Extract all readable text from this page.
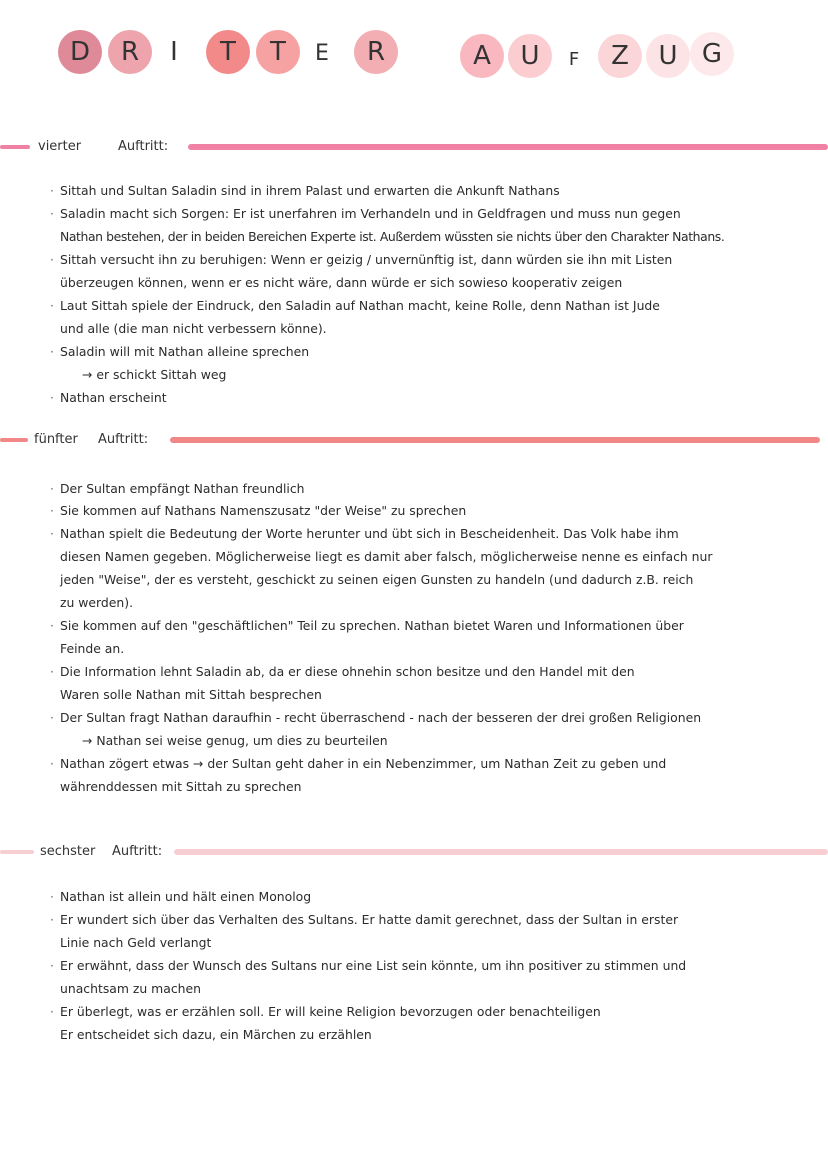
D	R	I	T	T	E	R	A	U	F	Z	U G
vierter	Auftritt:
· Sittah und Sultan Saladin sind in ihrem Palast und erwarten die Ankunft Nathans
· Saladin macht sich Sorgen: Er ist unerfahren im Verhandeln und in Geldfragen und muss nun gegen
Nathan bestehen, der in beiden Bereichen Experte ist. Außerdem wüssten sie nichts über den Charakter Nathans.
· Sittah versucht ihn zu beruhigen: Wenn er geizig / unvernünftig ist, dann würden sie ihn mit Listen
überzeugen können, wenn er es nicht wäre, dann würde er sich sowieso kooperativ zeigen
· Laut Sittah spiele der Eindruck, den Saladin auf Nathan macht, keine Rolle, denn Nathan ist Jude
und alle (die man nicht verbessern könne).
· Saladin will mit Nathan alleine sprechen
→ er schickt Sittah weg
· Nathan erscheint
fünfter Auftritt:
· Der Sultan empfängt Nathan freundlich
· Sie kommen auf Nathans Namenszusatz "der Weise" zu sprechen
· Nathan spielt die Bedeutung der Worte herunter und übt sich in Bescheidenheit. Das Volk habe ihm
diesen Namen gegeben. Möglicherweise liegt es damit aber falsch, möglicherweise nenne es einfach nur
jeden "Weise", der es versteht, geschickt zu seinen eigen Gunsten zu handeln (und dadurch z.B. reich
zu werden).
· Sie kommen auf den "geschäftlichen" Teil zu sprechen. Nathan bietet Waren und Informationen über
Feinde an.
· Die Information lehnt Saladin ab, da er diese ohnehin schon besitze und den Handel mit den
Waren solle Nathan mit Sittah besprechen
· Der Sultan fragt Nathan daraufhin - recht überraschend - nach der besseren der drei großen Religionen
→ Nathan sei weise genug, um dies zu beurteilen
· Nathan zögert etwas → der Sultan geht daher in ein Nebenzimmer, um Nathan Zeit zu geben und
währenddessen mit Sittah zu sprechen
sechster Auftritt:
· Nathan ist allein und hält einen Monolog
· Er wundert sich über das Verhalten des Sultans. Er hatte damit gerechnet, dass der Sultan in erster
Linie nach Geld verlangt
· Er erwähnt, dass der Wunsch des Sultans nur eine List sein könnte, um ihn positiver zu stimmen und
unachtsam zu machen
· Er überlegt, was er erzählen soll. Er will keine Religion bevorzugen oder benachteiligen
Er entscheidet sich dazu, ein Märchen zu erzählen
